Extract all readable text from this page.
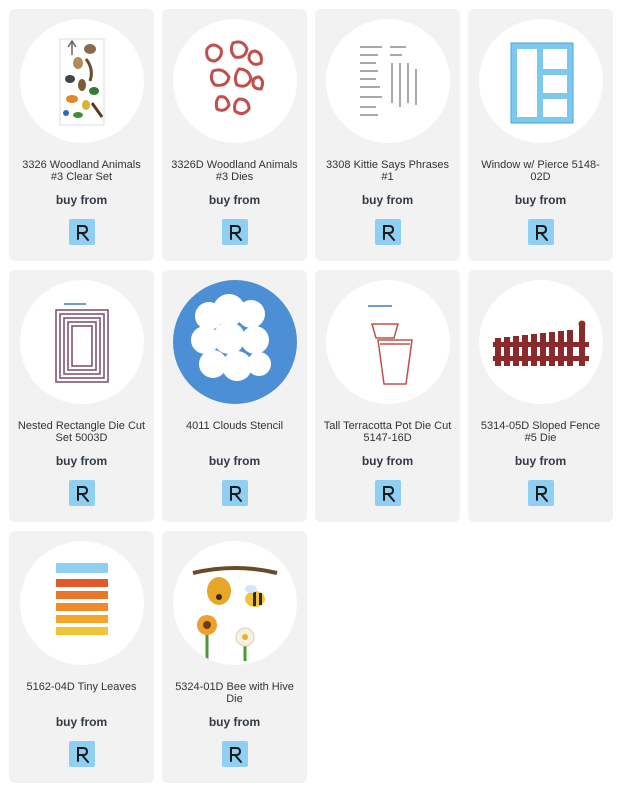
3326 Woodland Animals #3 Clear Set
buy from
3326D Woodland Animals #3 Dies
buy from
3308 Kittie Says Phrases #1
buy from
Window w/ Pierce 5148-02D
buy from
Nested Rectangle Die Cut Set 5003D
buy from
4011 Clouds Stencil
buy from
Tall Terracotta Pot Die Cut 5147-16D
buy from
5314-05D Sloped Fence #5 Die
buy from
5162-04D Tiny Leaves
buy from
5324-01D Bee with Hive Die
buy from
